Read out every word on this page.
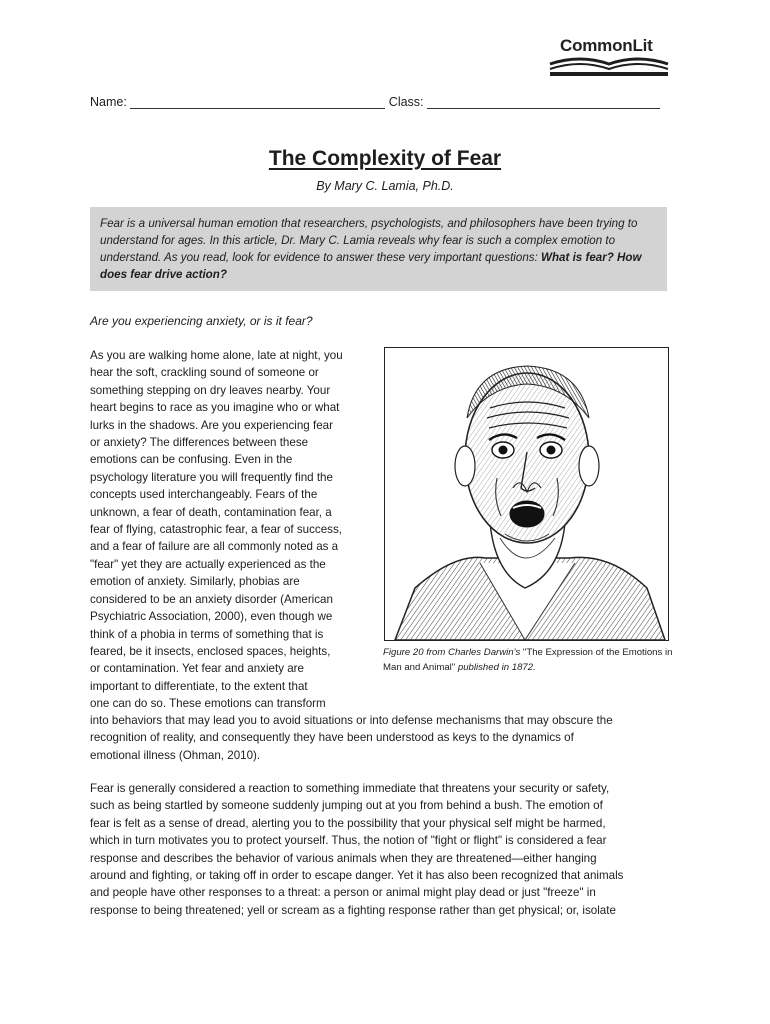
CommonLit
Name:	Class:
The Complexity of Fear
By Mary C. Lamia, Ph.D.
Fear is a universal human emotion that researchers, psychologists, and philosophers have been trying to understand for ages. In this article, Dr. Mary C. Lamia reveals why fear is such a complex emotion to understand. As you read, look for evidence to answer these very important questions: What is fear? How does fear drive action?
Are you experiencing anxiety, or is it fear?
As you are walking home alone, late at night, you
hear the soft, crackling sound of someone or
something stepping on dry leaves nearby. Your
heart begins to race as you imagine who or what
lurks in the shadows. Are you experiencing fear
or anxiety? The differences between these
emotions can be confusing. Even in the
psychology literature you will frequently find the
concepts used interchangeably. Fears of the
unknown, a fear of death, contamination fear, a
fear of flying, catastrophic fear, a fear of success,
and a fear of failure are all commonly noted as a
"fear" yet they are actually experienced as the
emotion of anxiety. Similarly, phobias are
considered to be an anxiety disorder (American
Psychiatric Association, 2000), even though we
think of a phobia in terms of something that is
feared, be it insects, enclosed spaces, heights,
or contamination. Yet fear and anxiety are
important to differentiate, to the extent that
one can do so. These emotions can transform
Figure 20 from Charles Darwin's "The Expression of the Emotions in Man and Animal" published in 1872.
into behaviors that may lead you to avoid situations or into defense mechanisms that may obscure the
recognition of reality, and consequently they have been understood as keys to the dynamics of
emotional illness (Ohman, 2010).
Fear is generally considered a reaction to something immediate that threatens your security or safety,
such as being startled by someone suddenly jumping out at you from behind a bush. The emotion of
fear is felt as a sense of dread, alerting you to the possibility that your physical self might be harmed,
which in turn motivates you to protect yourself. Thus, the notion of "fight or flight" is considered a fear
response and describes the behavior of various animals when they are threatened—either hanging
around and fighting, or taking off in order to escape danger. Yet it has also been recognized that animals
and people have other responses to a threat: a person or animal might play dead or just "freeze" in
response to being threatened; yell or scream as a fighting response rather than get physical; or, isolate
